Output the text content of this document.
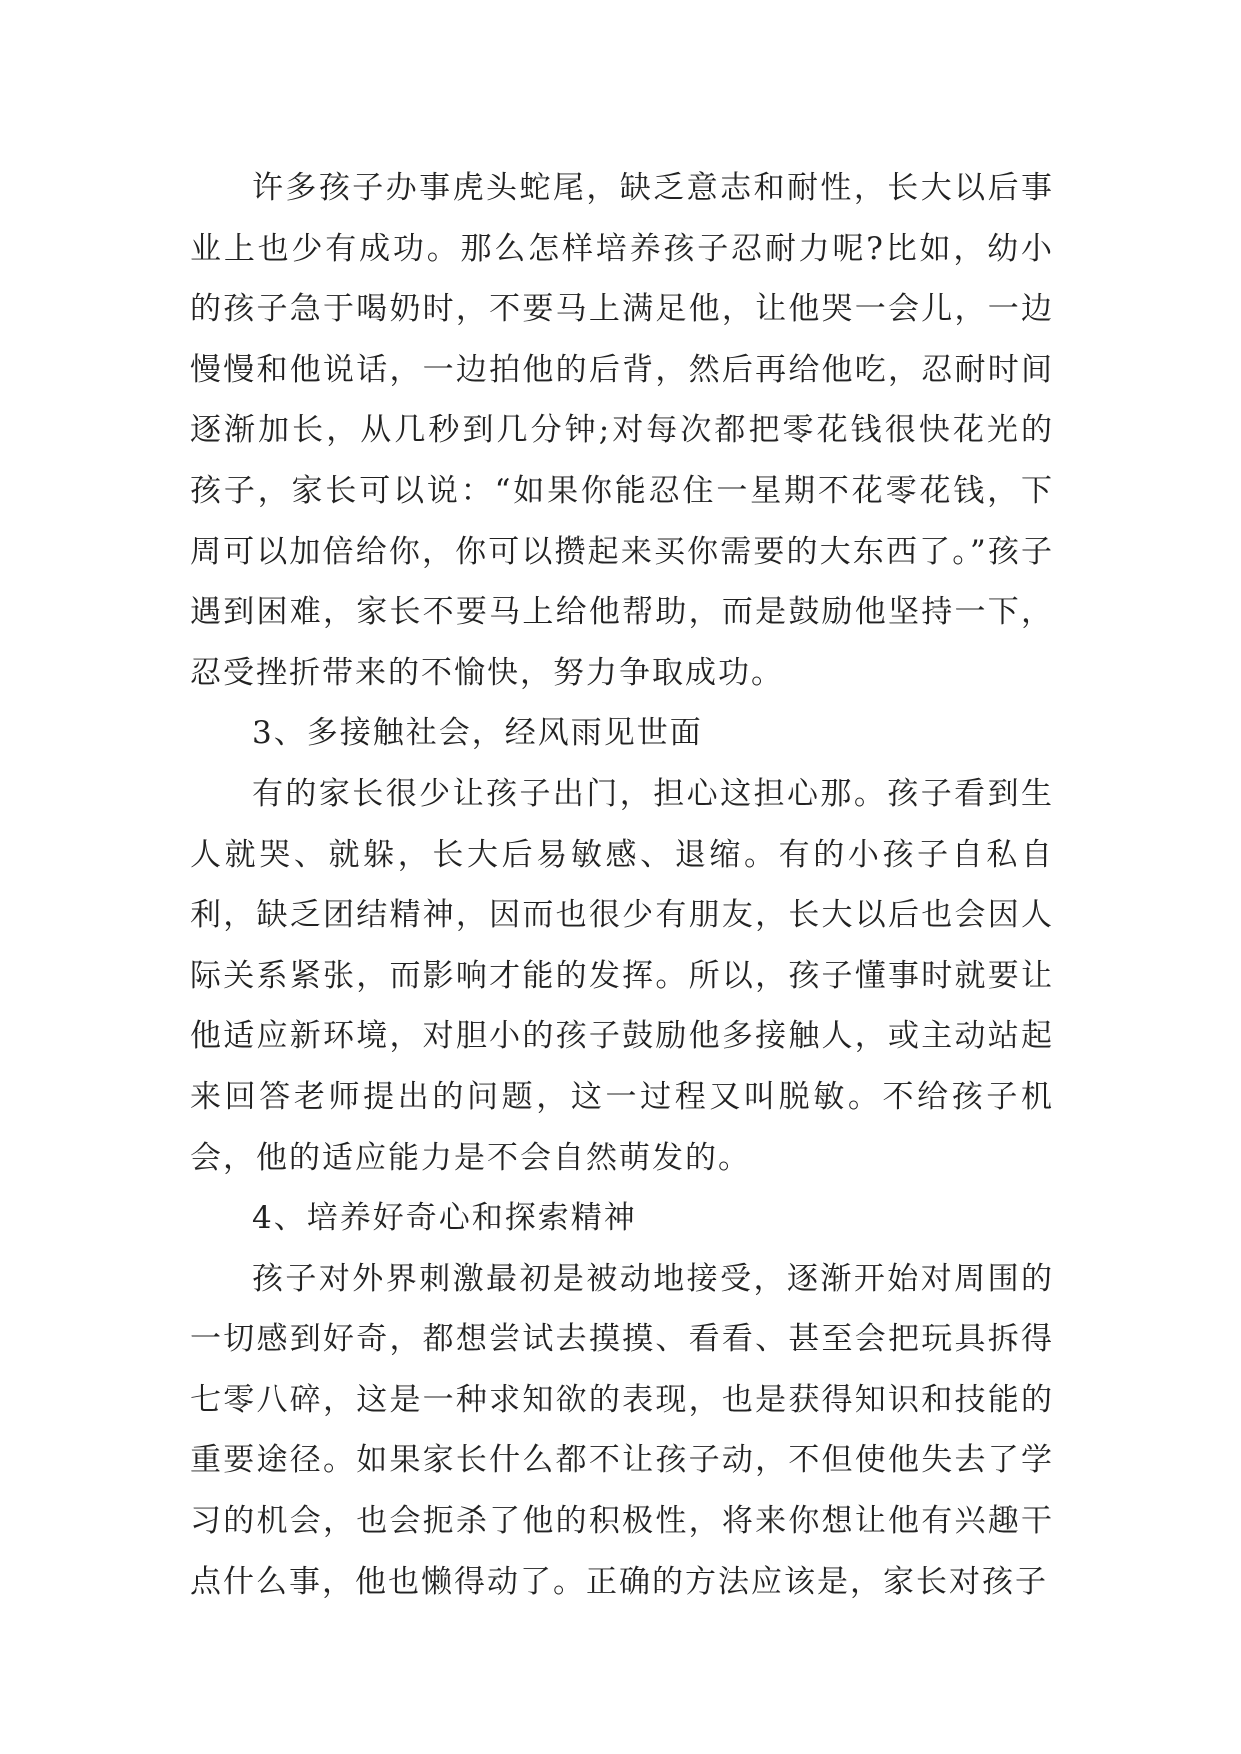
许多孩子办事虎头蛇尾，缺乏意志和耐性，长大以后事业上也少有成功。那么怎样培养孩子忍耐力呢?比如，幼小的孩子急于喝奶时，不要马上满足他，让他哭一会儿，一边慢慢和他说话，一边拍他的后背，然后再给他吃，忍耐时间逐渐加长，从几秒到几分钟;对每次都把零花钱很快花光的孩子，家长可以说：“如果你能忍住一星期不花零花钱，下周可以加倍给你，你可以攒起来买你需要的大东西了。”孩子遇到困难，家长不要马上给他帮助，而是鼓励他坚持一下，忍受挫折带来的不愉快，努力争取成功。

3、多接触社会，经风雨见世面

有的家长很少让孩子出门，担心这担心那。孩子看到生人就哭、就躲，长大后易敏感、退缩。有的小孩子自私自利，缺乏团结精神，因而也很少有朋友，长大以后也会因人际关系紧张，而影响才能的发挥。所以，孩子懂事时就要让他适应新环境，对胆小的孩子鼓励他多接触人，或主动站起来回答老师提出的问题，这一过程又叫脱敏。不给孩子机会，他的适应能力是不会自然萌发的。

4、培养好奇心和探索精神

孩子对外界刺激最初是被动地接受，逐渐开始对周围的一切感到好奇，都想尝试去摸摸、看看、甚至会把玩具拆得七零八碎，这是一种求知欲的表现，也是获得知识和技能的重要途径。如果家长什么都不让孩子动，不但使他失去了学习的机会，也会扼杀了他的积极性，将来你想让他有兴趣干点什么事，他也懒得动了。正确的方法应该是，家长对孩子
